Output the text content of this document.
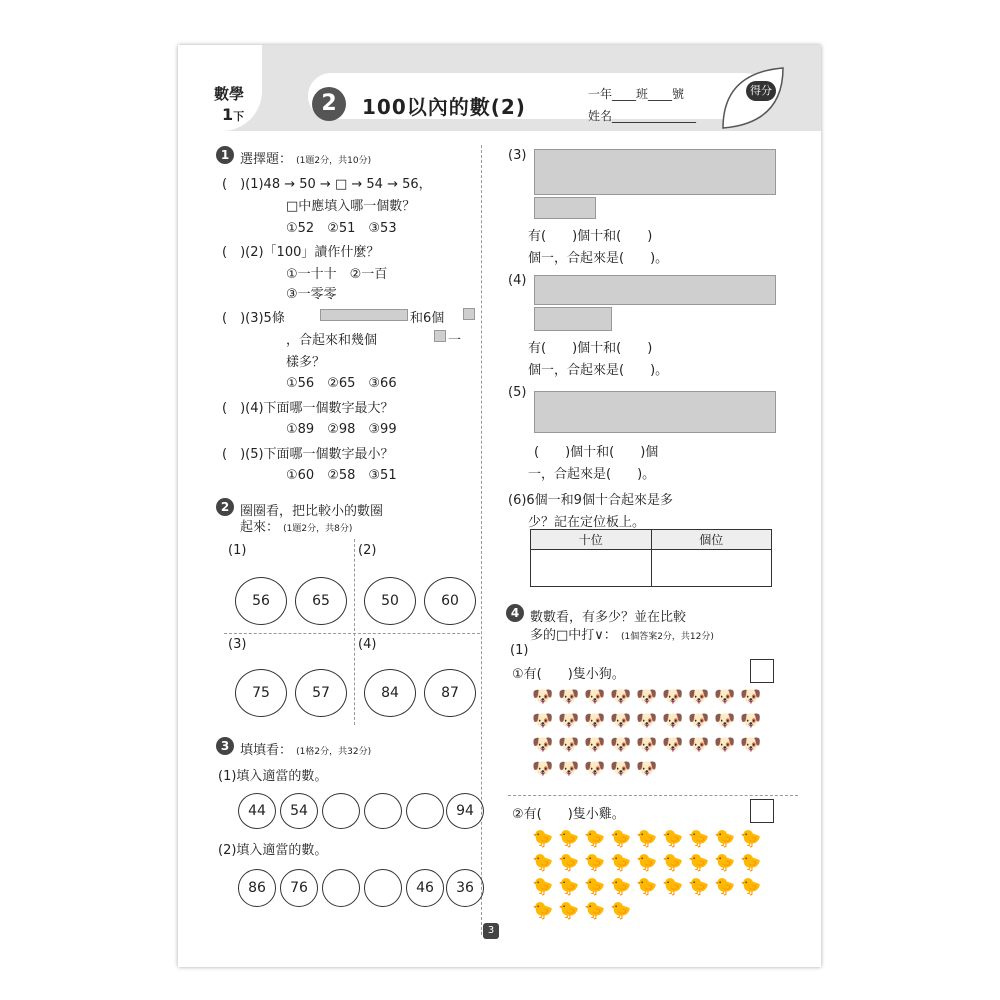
數學
1下
2	100以內的數(2)
一年____班____號
姓名______________
得分
1 選擇題： (1題2分，共10分)
(　)(1)48 → 50 → □ → 54 → 56，
□中應填入哪一個數？
①52　②51　③53
(　)(2)「100」讀作什麼？
①一十十　②一百
③一零零
(　)(3)5條	和6個
，合起來和幾個	一
樣多？
①56　②65　③66
(　)(4)下面哪一個數字最大？
①89　②98　③99
(　)(5)下面哪一個數字最小？
①60　②58　③51
2 圈圈看，把比較小的數圈
起來： (1題2分，共8分)
(1)	(2)
(3)	(4)
56	65	50	60
75	57	84	87
3 填填看： (1格2分，共32分)
(1)填入適當的數。
44	54	94
(2)填入適當的數。
86	76	46	36
(3)
有(　　)個十和(　　)
個一，合起來是(　　)。
(4)
有(　　)個十和(　　)
個一，合起來是(　　)。
(5)
(　　)個十和(　　)個
一，合起來是(　　)。
(6)6個一和9個十合起來是多
少？記在定位板上。
十位	個位

4 數數看，有多少？並在比較
多的□中打∨： (1個答案2分，共12分)
(1)
①有(　　)隻小狗。
🐶 🐶 🐶 🐶 🐶 🐶 🐶 🐶 🐶
🐶 🐶 🐶 🐶 🐶 🐶 🐶 🐶 🐶
🐶 🐶 🐶 🐶 🐶 🐶 🐶 🐶 🐶
🐶 🐶 🐶 🐶 🐶
②有(　　)隻小雞。
🐤 🐤 🐤 🐤 🐤 🐤 🐤 🐤 🐤
🐤 🐤 🐤 🐤 🐤 🐤 🐤 🐤 🐤
🐤 🐤 🐤 🐤 🐤 🐤 🐤 🐤 🐤
🐤 🐤 🐤 🐤
3
